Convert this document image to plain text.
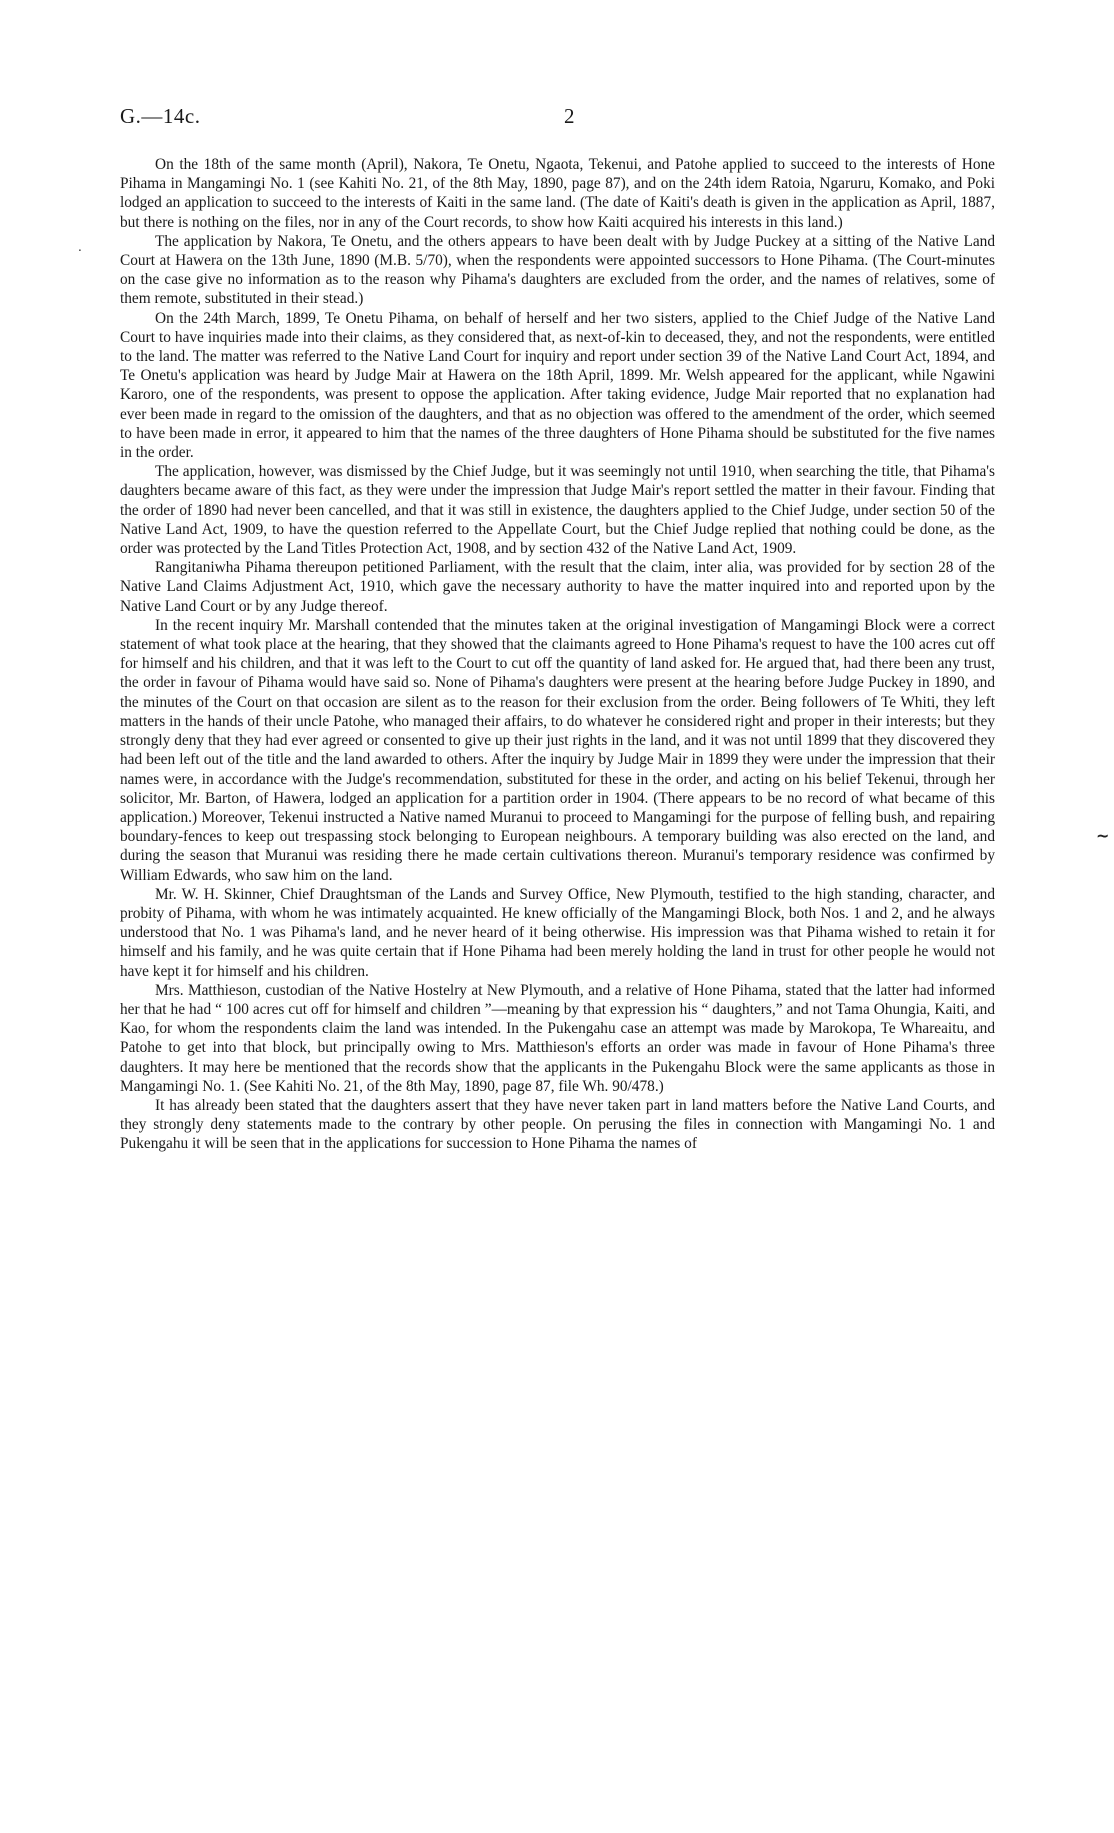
G.—14c.	2
.
~

On the 18th of the same month (April), Nakora, Te Onetu, Ngaota, Tekenui, and Patohe applied to succeed to the interests of Hone Pihama in Mangamingi No. 1 (see Kahiti No. 21, of the 8th May, 1890, page 87), and on the 24th idem Ratoia, Ngaruru, Komako, and Poki lodged an application to succeed to the interests of Kaiti in the same land. (The date of Kaiti's death is given in the application as April, 1887, but there is nothing on the files, nor in any of the Court records, to show how Kaiti acquired his interests in this land.)

The application by Nakora, Te Onetu, and the others appears to have been dealt with by Judge Puckey at a sitting of the Native Land Court at Hawera on the 13th June, 1890 (M.B. 5/70), when the respondents were appointed successors to Hone Pihama. (The Court-minutes on the case give no information as to the reason why Pihama's daughters are excluded from the order, and the names of relatives, some of them remote, substituted in their stead.)

On the 24th March, 1899, Te Onetu Pihama, on behalf of herself and her two sisters, applied to the Chief Judge of the Native Land Court to have inquiries made into their claims, as they considered that, as next-of-kin to deceased, they, and not the respondents, were entitled to the land. The matter was referred to the Native Land Court for inquiry and report under section 39 of the Native Land Court Act, 1894, and Te Onetu's application was heard by Judge Mair at Hawera on the 18th April, 1899. Mr. Welsh appeared for the applicant, while Ngawini Karoro, one of the respondents, was present to oppose the application. After taking evidence, Judge Mair reported that no explanation had ever been made in regard to the omission of the daughters, and that as no objection was offered to the amendment of the order, which seemed to have been made in error, it appeared to him that the names of the three daughters of Hone Pihama should be substituted for the five names in the order.

The application, however, was dismissed by the Chief Judge, but it was seemingly not until 1910, when searching the title, that Pihama's daughters became aware of this fact, as they were under the impression that Judge Mair's report settled the matter in their favour. Finding that the order of 1890 had never been cancelled, and that it was still in existence, the daughters applied to the Chief Judge, under section 50 of the Native Land Act, 1909, to have the question referred to the Appellate Court, but the Chief Judge replied that nothing could be done, as the order was protected by the Land Titles Protection Act, 1908, and by section 432 of the Native Land Act, 1909.

Rangitaniwha Pihama thereupon petitioned Parliament, with the result that the claim, inter alia, was provided for by section 28 of the Native Land Claims Adjustment Act, 1910, which gave the necessary authority to have the matter inquired into and reported upon by the Native Land Court or by any Judge thereof.

In the recent inquiry Mr. Marshall contended that the minutes taken at the original investigation of Mangamingi Block were a correct statement of what took place at the hearing, that they showed that the claimants agreed to Hone Pihama's request to have the 100 acres cut off for himself and his children, and that it was left to the Court to cut off the quantity of land asked for. He argued that, had there been any trust, the order in favour of Pihama would have said so. None of Pihama's daughters were present at the hearing before Judge Puckey in 1890, and the minutes of the Court on that occasion are silent as to the reason for their exclusion from the order. Being followers of Te Whiti, they left matters in the hands of their uncle Patohe, who managed their affairs, to do whatever he considered right and proper in their interests; but they strongly deny that they had ever agreed or consented to give up their just rights in the land, and it was not until 1899 that they discovered they had been left out of the title and the land awarded to others. After the inquiry by Judge Mair in 1899 they were under the impression that their names were, in accordance with the Judge's recommendation, substituted for these in the order, and acting on his belief Tekenui, through her solicitor, Mr. Barton, of Hawera, lodged an application for a partition order in 1904. (There appears to be no record of what became of this application.) Moreover, Tekenui instructed a Native named Muranui to proceed to Mangamingi for the purpose of felling bush, and repairing boundary-fences to keep out trespassing stock belonging to European neighbours. A temporary building was also erected on the land, and during the season that Muranui was residing there he made certain cultivations thereon. Muranui's temporary residence was confirmed by William Edwards, who saw him on the land.

Mr. W. H. Skinner, Chief Draughtsman of the Lands and Survey Office, New Plymouth, testified to the high standing, character, and probity of Pihama, with whom he was intimately acquainted. He knew officially of the Mangamingi Block, both Nos. 1 and 2, and he always understood that No. 1 was Pihama's land, and he never heard of it being otherwise. His impression was that Pihama wished to retain it for himself and his family, and he was quite certain that if Hone Pihama had been merely holding the land in trust for other people he would not have kept it for himself and his children.

Mrs. Matthieson, custodian of the Native Hostelry at New Plymouth, and a relative of Hone Pihama, stated that the latter had informed her that he had “ 100 acres cut off for himself and children ”—meaning by that expression his “ daughters,” and not Tama Ohungia, Kaiti, and Kao, for whom the respondents claim the land was intended. In the Pukengahu case an attempt was made by Marokopa, Te Whareaitu, and Patohe to get into that block, but principally owing to Mrs. Matthieson's efforts an order was made in favour of Hone Pihama's three daughters. It may here be mentioned that the records show that the applicants in the Pukengahu Block were the same applicants as those in Mangamingi No. 1. (See Kahiti No. 21, of the 8th May, 1890, page 87, file Wh. 90/478.)

It has already been stated that the daughters assert that they have never taken part in land matters before the Native Land Courts, and they strongly deny statements made to the contrary by other people. On perusing the files in connection with Mangamingi No. 1 and Pukengahu it will be seen that in the applications for succession to Hone Pihama the names of
